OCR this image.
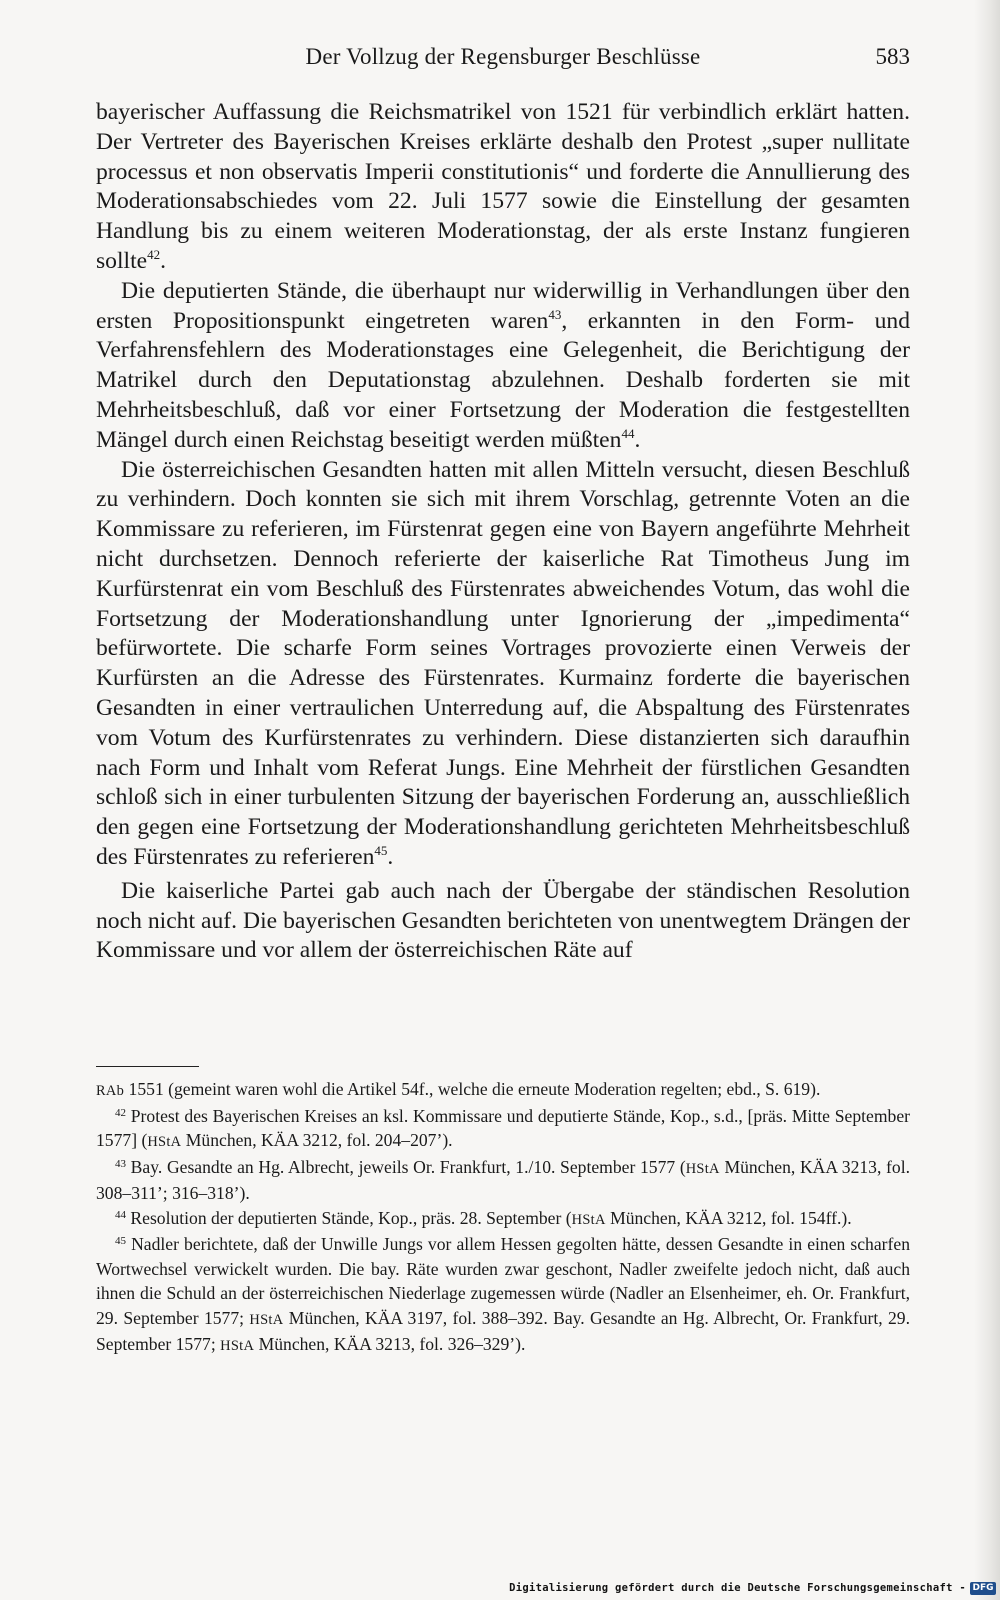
Der Vollzug der Regensburger Beschlüsse	583

bayerischer Auffassung die Reichsmatrikel von 1521 für verbindlich erklärt hatten. Der Vertreter des Bayerischen Kreises erklärte deshalb den Protest „super nullitate processus et non observatis Imperii constitutionis“ und forderte die Annullierung des Moderationsabschiedes vom 22. Juli 1577 sowie die Einstellung der gesamten Handlung bis zu einem weiteren Moderationstag, der als erste Instanz fungieren sollte$^{42}$.

Die deputierten Stände, die überhaupt nur widerwillig in Verhandlungen über den ersten Propositionspunkt eingetreten waren$^{43}$, erkannten in den Form- und Verfahrensfehlern des Moderationstages eine Gelegenheit, die Berichtigung der Matrikel durch den Deputationstag abzulehnen. Deshalb forderten sie mit Mehrheitsbeschluß, daß vor einer Fortsetzung der Moderation die festgestellten Mängel durch einen Reichstag beseitigt werden müßten$^{44}$.

Die österreichischen Gesandten hatten mit allen Mitteln versucht, diesen Beschluß zu verhindern. Doch konnten sie sich mit ihrem Vorschlag, getrennte Voten an die Kommissare zu referieren, im Fürstenrat gegen eine von Bayern angeführte Mehrheit nicht durchsetzen. Dennoch referierte der kaiserliche Rat Timotheus Jung im Kurfürstenrat ein vom Beschluß des Fürstenrates abweichendes Votum, das wohl die Fortsetzung der Moderationshandlung unter Ignorierung der „impedimenta“ befürwortete. Die scharfe Form seines Vortrages provozierte einen Verweis der Kurfürsten an die Adresse des Fürstenrates. Kurmainz forderte die bayerischen Gesandten in einer vertraulichen Unterredung auf, die Abspaltung des Fürstenrates vom Votum des Kurfürstenrates zu verhindern. Diese distanzierten sich daraufhin nach Form und Inhalt vom Referat Jungs. Eine Mehrheit der fürstlichen Gesandten schloß sich in einer turbulenten Sitzung der bayerischen Forderung an, ausschließlich den gegen eine Fortsetzung der Moderationshandlung gerichteten Mehrheitsbeschluß des Fürstenrates zu referieren$^{45}$.

Die kaiserliche Partei gab auch nach der Übergabe der ständischen Resolution noch nicht auf. Die bayerischen Gesandten berichteten von unentwegtem Drängen der Kommissare und vor allem der österreichischen Räte auf

RAb 1551 (gemeint waren wohl die Artikel 54f., welche die erneute Moderation regelten; ebd., S. 619).

$^{42}$ Protest des Bayerischen Kreises an ksl. Kommissare und deputierte Stände, Kop., s.d., [präs. Mitte September 1577] (HStA München, KÄA 3212, fol. 204–207’).

$^{43}$ Bay. Gesandte an Hg. Albrecht, jeweils Or. Frankfurt, 1./10. September 1577 (HStA München, KÄA 3213, fol. 308–311’; 316–318’).

$^{44}$ Resolution der deputierten Stände, Kop., präs. 28. September (HStA München, KÄA 3212, fol. 154ff.).

$^{45}$ Nadler berichtete, daß der Unwille Jungs vor allem Hessen gegolten hätte, dessen Gesandte in einen scharfen Wortwechsel verwickelt wurden. Die bay. Räte wurden zwar geschont, Nadler zweifelte jedoch nicht, daß auch ihnen die Schuld an der österreichischen Niederlage zugemessen würde (Nadler an Elsenheimer, eh. Or. Frankfurt, 29. September 1577; HStA München, KÄA 3197, fol. 388–392. Bay. Gesandte an Hg. Albrecht, Or. Frankfurt, 29. September 1577; HStA München, KÄA 3213, fol. 326–329’).

Digitalisierung gefördert durch die Deutsche Forschungsgemeinschaft - DFG
